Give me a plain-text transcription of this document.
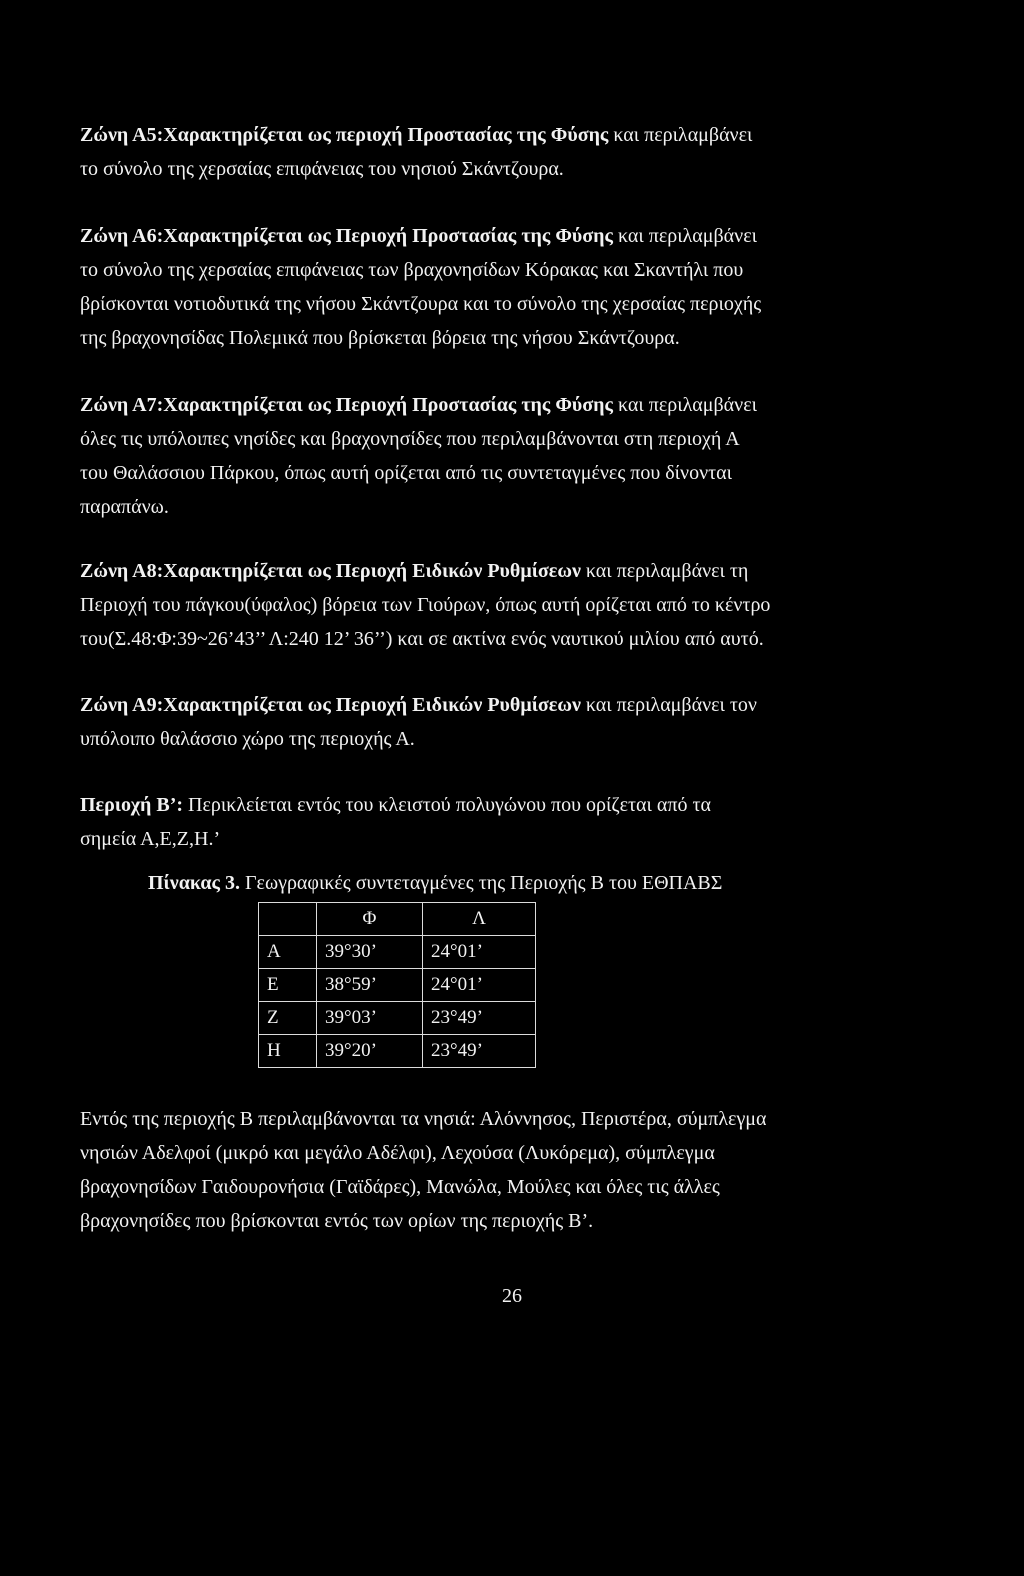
Ζώνη Α5:Χαρακτηρίζεται ως περιοχή Προστασίας της Φύσης και περιλαμβάνει
το σύνολο της χερσαίας επιφάνειας του νησιού Σκάντζουρα.
Ζώνη Α6:Χαρακτηρίζεται ως Περιοχή Προστασίας της Φύσης και περιλαμβάνει
το σύνολο της χερσαίας επιφάνειας των βραχονησίδων Κόρακας και Σκαντήλι που
βρίσκονται νοτιοδυτικά της νήσου Σκάντζουρα και το σύνολο της χερσαίας περιοχής
της βραχονησίδας Πολεμικά που βρίσκεται βόρεια της νήσου Σκάντζουρα.
Ζώνη Α7:Χαρακτηρίζεται ως Περιοχή Προστασίας της Φύσης και περιλαμβάνει
όλες τις υπόλοιπες νησίδες και βραχονησίδες που περιλαμβάνονται στη περιοχή Α
του Θαλάσσιου Πάρκου, όπως αυτή ορίζεται από τις συντεταγμένες που δίνονται
παραπάνω.
Ζώνη Α8:Χαρακτηρίζεται ως Περιοχή Ειδικών Ρυθμίσεων και περιλαμβάνει τη
Περιοχή του πάγκου(ύφαλος) βόρεια των Γιούρων, όπως αυτή ορίζεται από το κέντρο
του(Σ.48:Φ:39~26’43’’ Λ:240 12’ 36’’) και σε ακτίνα ενός ναυτικού μιλίου από αυτό.
Ζώνη Α9:Χαρακτηρίζεται ως Περιοχή Ειδικών Ρυθμίσεων και περιλαμβάνει τον
υπόλοιπο θαλάσσιο χώρο της περιοχής Α.
Περιοχή Β’: Περικλείεται εντός του κλειστού πολυγώνου που ορίζεται από τα
σημεία Α,Ε,Ζ,Η.’
Πίνακας 3. Γεωγραφικές συντεταγμένες της Περιοχής Β του ΕΘΠΑΒΣ
	Φ	Λ
Α	39°30’	24°01’
Ε	38°59’	24°01’
Ζ	39°03’	23°49’
Η	39°20’	23°49’
Εντός της περιοχής Β περιλαμβάνονται τα νησιά: Αλόννησος, Περιστέρα, σύμπλεγμα
νησιών Αδελφοί (μικρό και μεγάλο Αδέλφι), Λεχούσα (Λυκόρεμα), σύμπλεγμα
βραχονησίδων Γαιδουρονήσια (Γαϊδάρες), Μανώλα, Μούλες και όλες τις άλλες
βραχονησίδες που βρίσκονται εντός των ορίων της περιοχής Β’.
26
